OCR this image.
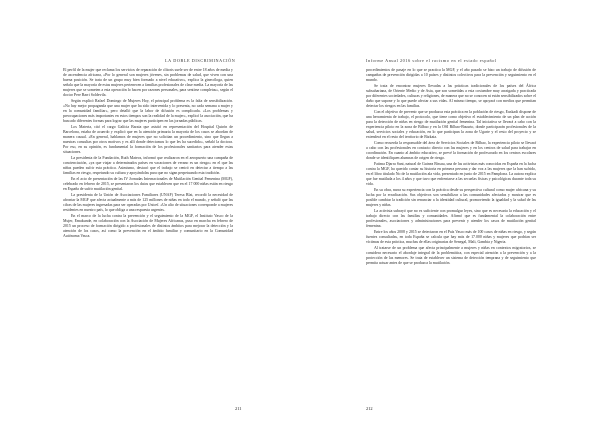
LA DOBLE DISCRIMINACIÓN

El perfil de la mujer que reclama los servicios de reparación de clítoris suele ser de entre 18 años de media y de ascendencia africana, «Por lo general son mujeres jóvenes, sin problemas de salud, que viven con una buena posición. Se trata de un grupo muy bien formado a nivel educativo», explica la ginecóloga, quien señala que la mayoría de estas mujeres pertenecen a familias profesionales de clase media. La mayoría de las mujeres que se someten a esta operación lo hacen por razones personales, para sentirse completas», según el doctor Pere Barri Soldevila.

Según explicó Rafael Domingo de Mujeres Hoy, el principal problema es la falta de sensibilización. «No hay mejor propaganda que una mujer que ha sido intervenida y lo presenta, no cada semana a mujer y en la comunidad familiar», pero detalló que la labor de difusión es complicada. «Los problemas y preocupaciones más importantes en estos tiempos son la realidad de la mujer», explicó la asociación, que ha buscado diferentes formas para lograr que las mujeres participen en las jornadas públicas.

Los Materia, citó el cargo Galícia Baraia que asistió en representación del Hospital Quirón de Barcelona, estaba de acuerdo y explicó que en la atención primaria la mayoría de los casos se abordan de manera casual. «En general, hablamos de mujeres que no solicitan un procedimiento, sino que llegan a nuestras consultas por otros motivos y es allí donde detectamos lo que les ha sucedido», señaló la doctora. Por eso, en su opinión, es fundamental la formación de los profesionales sanitarios para atender estas situaciones.

La presidenta de la Fundación, Ruth Mateos, informó que realizaron en el aeropuerto una campaña de concienciación, «ya que viajar a determinados países en vacaciones de verano es un riesgo» en el que las niñas pueden sufrir esta práctica. Asimismo, destacó que el trabajo se centró en detectar a tiempo a las familias en riesgo, respetando su cultura y apoyándolas para que no sigan perpetuando esta tradición.

En el acto de presentación de las IV Jornadas Internacionales de Mutilación Genital Femenina (MGF), celebrado en febrero de 2015, se presentaron los datos que establecen que en el 17 000 niñas están en riesgo en España de sufrir mutilación genital.

La presidenta de la Unión de Asociaciones Familiares (UNAF) Teresa Blat, recordó la necesidad de afrontar la MGF que afecta actualmente a más de 125 millones de niñas en todo el mundo, y señaló que las cifras de las mujeres ingresadas para ser operadas por Unicef. «Un alto de situaciones corresponde a mujeres residentes en nuestro país, lo que obliga a una respuesta urgente».

En el marco de la lucha contra la prevención y el seguimiento de la MGF, el Instituto Vasco de la Mujer, Emakunde, en colaboración con la Asociación de Mujeres Africanas, puso en marcha en febrero de 2015 un proceso de formación dirigido a profesionales de distintos ámbitos para mejorar la detección y la atención de los casos, así como la prevención en el ámbito familiar y comunitario en la Comunidad Autónoma Vasca.

211
Informe Anual 2016 sobre el racismo en el estado español

procedimientos de pasaje en lo que se practica la MGF, y el año pasado se hizo un trabajo de difusión de campañas de prevención dirigidas a 10 países y distintos colectivos para la prevención y seguimiento en el mundo.

Se trata de encontrar mujeres llevadas a las prácticas tradicionales de los países del África subsahariana, de Oriente Medio y de Asia, que son sometidas a esta costumbre muy arraigada y practicada por diferentes sociedades, culturas y religiones, de manera que no se conocen ni están sensibilizados sobre el daño que supone y lo que puede afectar a sus vidas. Al mismo tiempo, se apoyará con medios que permitan detectar los riesgos en las familias.

Con el objetivo de prevenir que se produzca esta práctica en la población de riesgo, Euskadi dispone de una herramienta de trabajo, el protocolo, que tiene como objetivo el establecimiento de un plan de acción para la detección de niñas en riesgo de mutilación genital femenina. Tal iniciativa se llevará a cabo con la experiencia piloto en la zona de Bilbao y en la OSI Bilbao-Basurto, donde participarán profesionales de la salud, servicios sociales y educación, en lo que participan la zona de Ugarte y el resto del proyecto y se extenderá en el resto del territorio de Bizkaia.

Como recuerda la responsable del área de Servicios Sociales de Bilbao, la experiencia piloto se llevará a cabo con las profesionales en contacto directo con las mujeres y en los centros de salud para trabajar en coordinación. En cuanto al ámbito educativo, se prevé la formación de profesorado en los centros escolares donde se identifiquen alumnas de origen de riesgo.

Fatima Djarra Sani, natural de Guinea Bissau, una de las activistas más conocidas en España en la lucha contra la MGF, ha querido contar su historia en primera persona y dar voz a las mujeres que la han sufrido, en el libro titulado No de la mutilación ala vida, presentado en junio de 2015 en Pamplona. La autora explica que fue mutilada a los 4 años y que tuvo que enfrentarse a las secuelas físicas y psicológicas durante toda su vida.

En su obra, narra su experiencia con la práctica desde su perspectiva cultural como mujer africana y su lucha por la erradicación. Sus objetivos son sensibilizar a las comunidades afectadas y mostrar que es posible cambiar la tradición sin renunciar a la identidad cultural, promoviendo la igualdad y la salud de las mujeres y niñas.

La activista subrayó que no es suficiente con promulgar leyes, sino que es necesaria la educación y el trabajo directo con las familias y comunidades. Afirmó que es fundamental la colaboración entre profesionales, asociaciones y administraciones para prevenir y atender los casos de mutilación genital femenina.

Entre los años 2008 y 2015 se detectaron en el País Vasco más de 100 casos de niñas en riesgo, y según fuentes consultadas, en toda España se calcula que hay más de 17.000 niñas y mujeres que podrían ser víctimas de esta práctica, muchas de ellas originarias de Senegal, Mali, Gambia y Nigeria.

Al tratarse de un problema que afecta principalmente a mujeres y niñas en contextos migratorios, se considera necesario el abordaje integral de la problemática, con especial atención a la prevención y a la protección de las menores. Se trata de establecer un sistema de detección temprana y de seguimiento que permita actuar antes de que se produzca la mutilación.

212
